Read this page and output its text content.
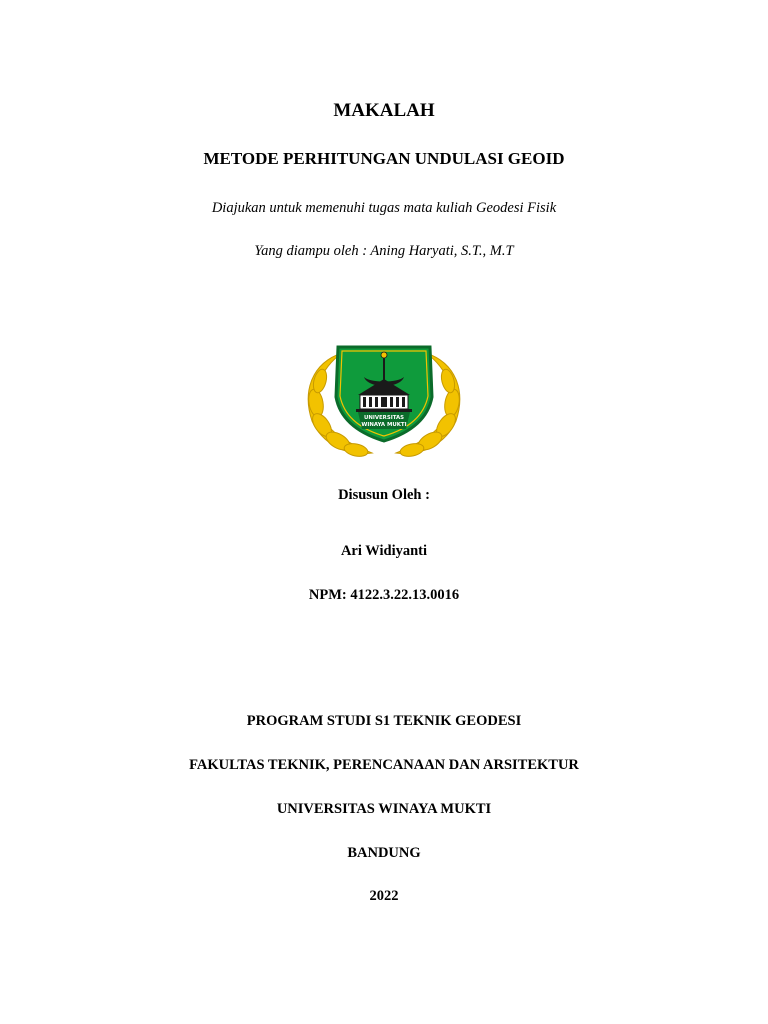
MAKALAH
METODE PERHITUNGAN UNDULASI GEOID
Diajukan untuk memenuhi tugas mata kuliah Geodesi Fisik
Yang diampu oleh : Aning Haryati, S.T., M.T
UNIVERSITAS
WINAYA MUKTI
Disusun Oleh :
Ari Widiyanti
NPM: 4122.3.22.13.0016
PROGRAM STUDI S1 TEKNIK GEODESI
FAKULTAS TEKNIK, PERENCANAAN DAN ARSITEKTUR
UNIVERSITAS WINAYA MUKTI
BANDUNG
2022
